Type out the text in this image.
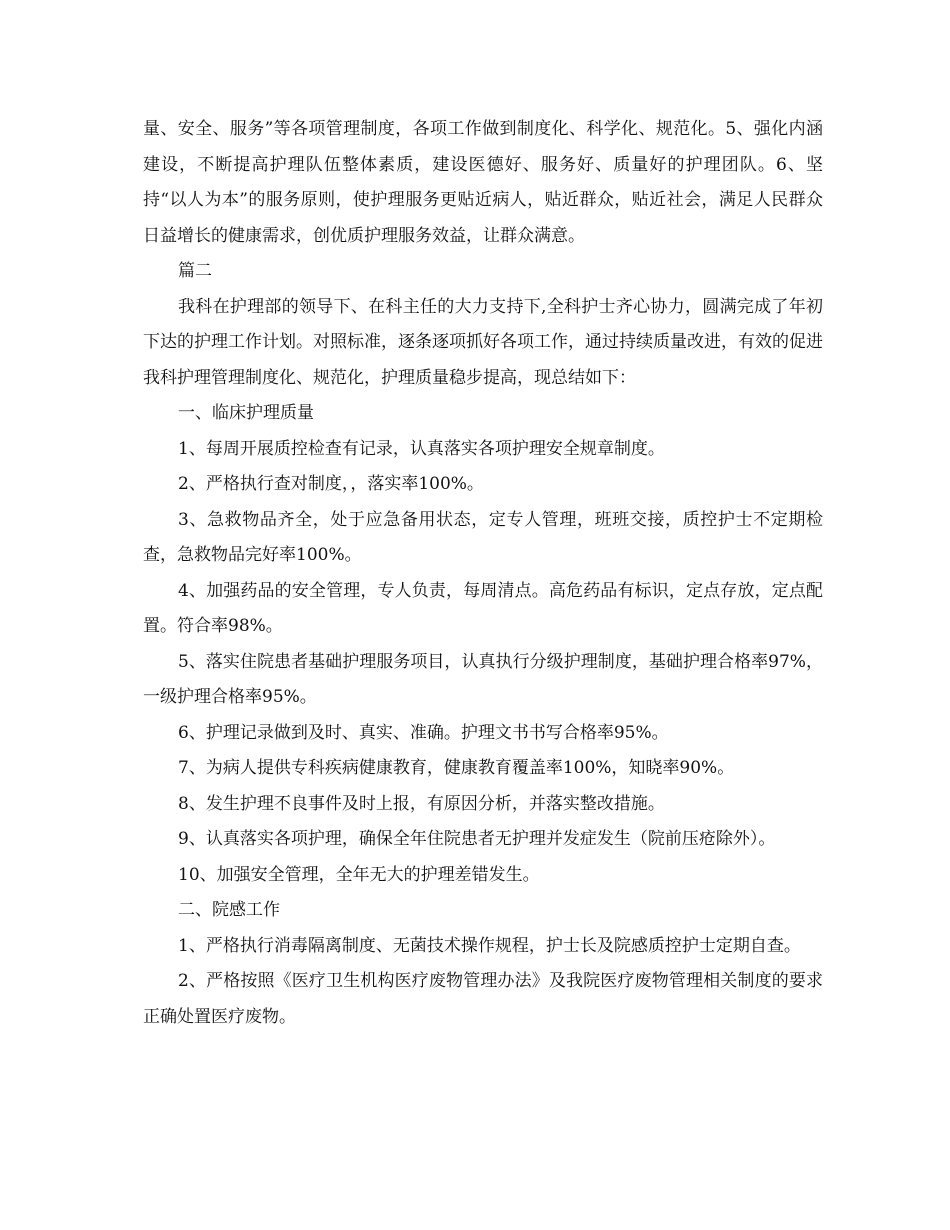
量、安全、服务”等各项管理制度，各项工作做到制度化、科学化、规范化。5、强化内涵建设，不断提高护理队伍整体素质，建设医德好、服务好、质量好的护理团队。6、坚持“以人为本”的服务原则，使护理服务更贴近病人，贴近群众，贴近社会，满足人民群众日益增长的健康需求，创优质护理服务效益，让群众满意。

篇二

我科在护理部的领导下、在科主任的大力支持下,全科护士齐心协力，圆满完成了年初下达的护理工作计划。对照标准，逐条逐项抓好各项工作，通过持续质量改进，有效的促进我科护理管理制度化、规范化，护理质量稳步提高，现总结如下：

一、临床护理质量

1、每周开展质控检查有记录，认真落实各项护理安全规章制度。

2、严格执行查对制度，，落实率100%。

3、急救物品齐全，处于应急备用状态，定专人管理，班班交接，质控护士不定期检查，急救物品完好率100%。

4、加强药品的安全管理，专人负责，每周清点。高危药品有标识，定点存放，定点配置。符合率98%。

5、落实住院患者基础护理服务项目，认真执行分级护理制度，基础护理合格率97%，一级护理合格率95%。

6、护理记录做到及时、真实、准确。护理文书书写合格率95%。

7、为病人提供专科疾病健康教育，健康教育覆盖率100%，知晓率90%。

8、发生护理不良事件及时上报，有原因分析，并落实整改措施。

9、认真落实各项护理，确保全年住院患者无护理并发症发生（院前压疮除外）。

10、加强安全管理，全年无大的护理差错发生。

二、院感工作

1、严格执行消毒隔离制度、无菌技术操作规程，护士长及院感质控护士定期自查。

2、严格按照《医疗卫生机构医疗废物管理办法》及我院医疗废物管理相关制度的要求正确处置医疗废物。
